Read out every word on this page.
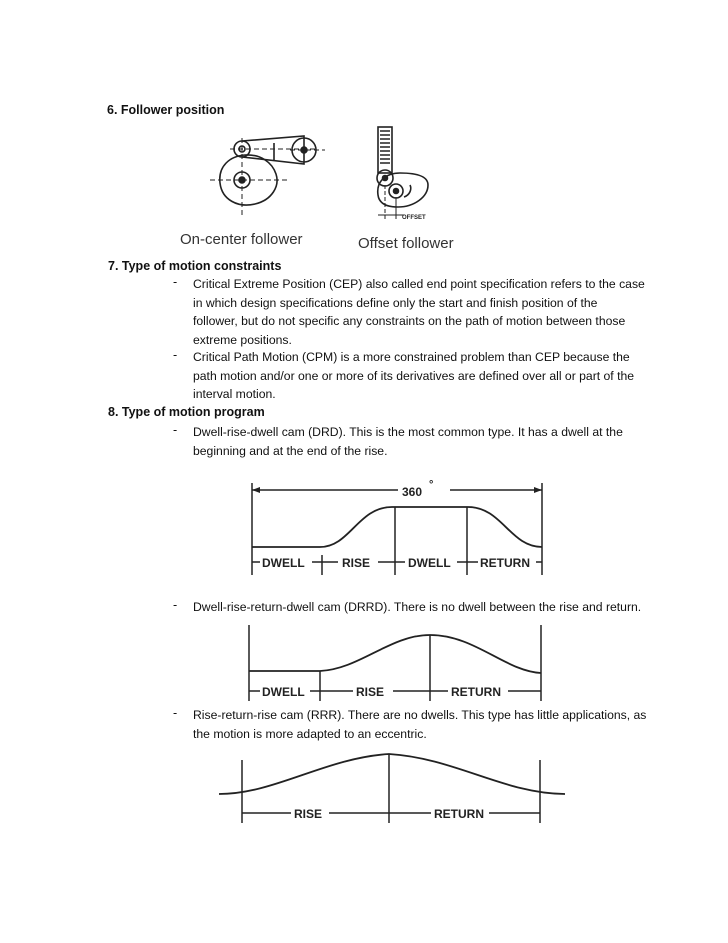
6. Follower position
OFFSET
On-center follower	Offset follower
7. Type of motion constraints
- Critical Extreme Position (CEP) also called end point specification refers to the case
in which design specifications define only the start and finish position of the
follower, but do not specific any constraints on the path of motion between those
extreme positions.
- Critical Path Motion (CPM) is a more constrained problem than CEP because the
path motion and/or one or more of its derivatives are defined over all or part of the
interval motion.
8. Type of motion program
- Dwell-rise-dwell cam (DRD). This is the most common type. It has a dwell at the
beginning and at the end of the rise.
360 °
DWELL	RISE	DWELL RETURN
- Dwell-rise-return-dwell cam (DRRD). There is no dwell between the rise and return.
DWELL	RISE	RETURN
- Rise-return-rise cam (RRR). There are no dwells. This type has little applications, as
the motion is more adapted to an eccentric.
RISE	RETURN
